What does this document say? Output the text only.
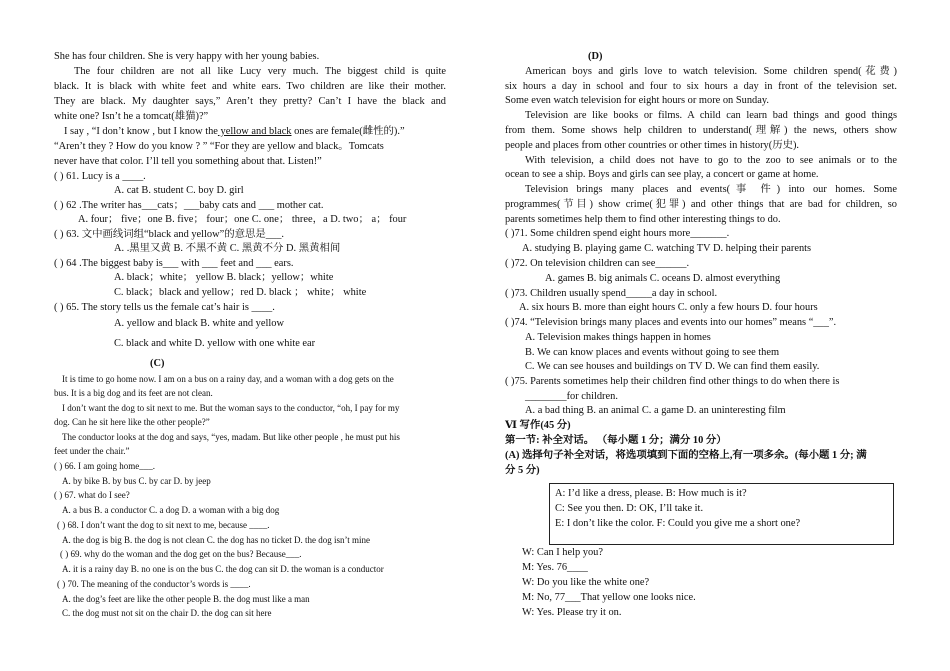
She has four children. She is very happy with her young babies.
The four children are not all like Lucy very much. The biggest child is quite
black. It is black with white feet and white ears. Two children are like their mother.
They are black. My daughter says,” Aren’t they pretty? Can’t I have the black and
white one? Isn’t he a tomcat(雄猫)?”
I say , “I don’t know , but I know the yellow and black ones are female(雌性的).”
“Aren’t they ? How do you know ? ” “For they are yellow and black。Tomcats
never have that color. I’ll tell you something about that. Listen!”
( ) 61. Lucy is a ____.
A. cat B. student C. boy D. girl
( ) 62 .The writer has___cats；___baby cats and ___ mother cat.
A. four； five；one B. five； four；one C. one； three，a D. two； a； four
( ) 63. 文中画线词组“black and yellow”的意思是___.
A. .黑里又黄 B. 不黑不黄 C. 黑黄不分 D. 黑黄相间
( ) 64 .The biggest baby is___ with ___ feet and ___ ears.
A. black；white； yellow B. black；yellow；white
C. black；black and yellow；red D. black ； white； white
( ) 65. The story tells us the female cat’s hair is ____.
A. yellow and black B. white and yellow
C. black and white D. yellow with one white ear
(C)
It is time to go home now. I am on a bus on a rainy day, and a woman with a dog gets on the
bus. It is a big dog and its feet are not clean.
I don’t want the dog to sit next to me. But the woman says to the conductor, “oh, I pay for my
dog. Can he sit here like the other people?”
The conductor looks at the dog and says, “yes, madam. But like other people , he must put his
feet under the chair.”
( ) 66. I am going home___.
A. by bike B. by bus C. by car D. by jeep
( ) 67. what do I see?
A. a bus B. a conductor C. a dog D. a woman with a big dog
( ) 68. I don’t want the dog to sit next to me, because ____.
A. the dog is big B. the dog is not clean C. the dog has no ticket D. the dog isn’t mine
( ) 69. why do the woman and the dog get on the bus? Because___.
A. it is a rainy day B. no one is on the bus C. the dog can sit D. the woman is a conductor
( ) 70. The meaning of the conductor’s words is ____.
A. the dog’s feet are like the other people B. the dog must like a man
C. the dog must not sit on the chair D. the dog can sit here
(D)
American boys and girls love to watch television. Some children spend(花费)
six hours a day in school and four to six hours a day in front of the television set.
Some even watch television for eight hours or more on Sunday.
Television are like books or films. A child can learn bad things and good things
from them. Some shows help children to understand(理解) the news, others show
people and places from other countries or other times in history(历史).
With television, a child does not have to go to the zoo to see animals or to the
ocean to see a ship. Boys and girls can see play, a concert or game at home.
Television brings many places and events(事 件) into our homes. Some
programmes(节目) show crime(犯罪) and other things that are bad for children, so
parents sometimes help them to find other interesting things to do.
( )71. Some children spend eight hours more_______.
A. studying B. playing game C. watching TV D. helping their parents
( )72. On television children can see______.
A. games B. big animals C. oceans D. almost everything
( )73. Children usually spend_____a day in school.
A. six hours B. more than eight hours C. only a few hours D. four hours
( )74. “Television brings many places and events into our homes” means “___”.
A. Television makes things happen in homes
B. We can know places and events without going to see them
C. We can see houses and buildings on TV D. We can find them easily.
( )75. Parents sometimes help their children find other things to do when there is
________for children.
A. a bad thing B. an animal C. a game D. an uninteresting film
Ⅵ 写作(45 分)
第一节: 补全对话。 （每小题 1 分；满分 10 分）
(A) 选择句子补全对话，将选项填到下面的空格上,有一项多余。(每小题 1 分; 满
分 5 分)
A: I’d like a dress, please. B: How much is it?
C: See you then. D: OK, I’ll take it.
E: I don’t like the color. F: Could you give me a short one?
W: Can I help you?
M: Yes. 76____
W: Do you like the white one?
M: No, 77___That yellow one looks nice.
W: Yes. Please try it on.
